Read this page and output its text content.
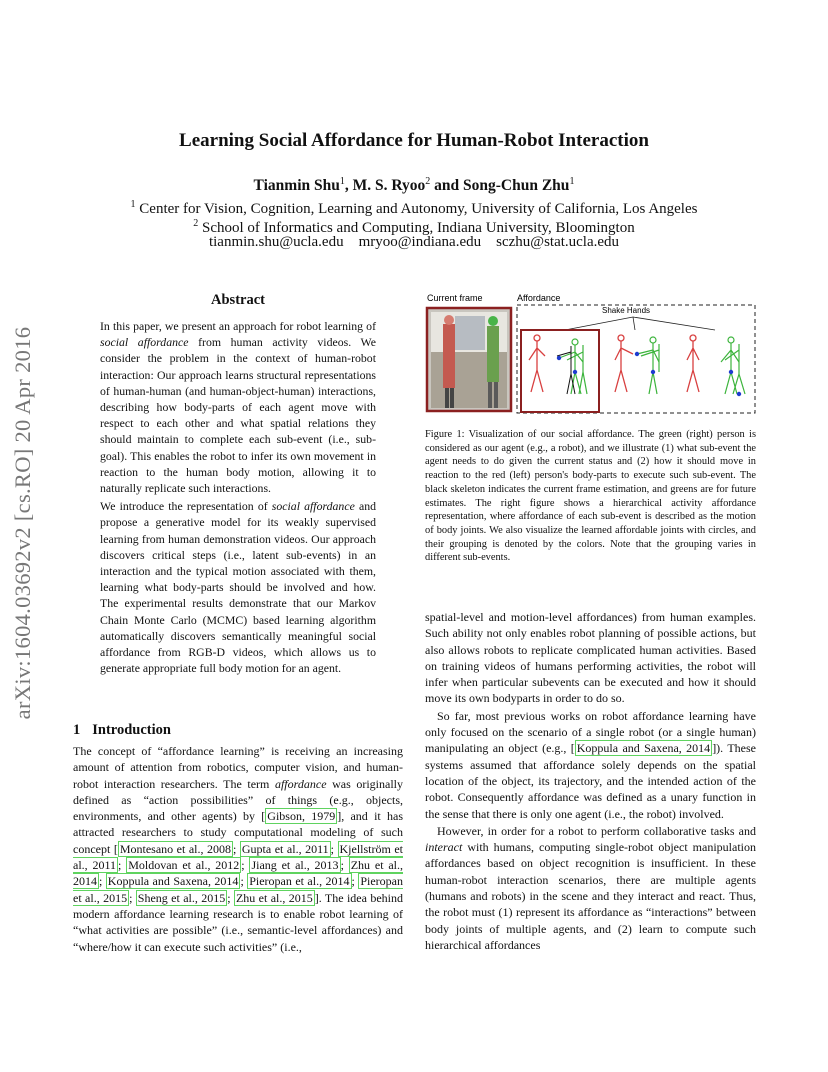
arXiv:1604.03692v2 [cs.RO] 20 Apr 2016
Learning Social Affordance for Human-Robot Interaction
Tianmin Shu$^1$, M. S. Ryoo$^2$ and Song-Chun Zhu$^1$
$^1$ Center for Vision, Cognition, Learning and Autonomy, University of California, Los Angeles
$^2$ School of Informatics and Computing, Indiana University, Bloomington
tianmin.shu@ucla.edu    mryoo@indiana.edu    sczhu@stat.ucla.edu
Abstract

In this paper, we present an approach for robot learning of social affordance from human activity videos. We consider the problem in the context of human-robot interaction: Our approach learns structural representations of human-human (and human-object-human) interactions, describing how body-parts of each agent move with respect to each other and what spatial relations they should maintain to complete each sub-event (i.e., sub-goal). This enables the robot to infer its own movement in reaction to the human body motion, allowing it to naturally replicate such interactions.

We introduce the representation of social affordance and propose a generative model for its weakly supervised learning from human demonstration videos. Our approach discovers critical steps (i.e., latent sub-events) in an interaction and the typical motion associated with them, learning what body-parts should be involved and how. The experimental results demonstrate that our Markov Chain Monte Carlo (MCMC) based learning algorithm automatically discovers semantically meaningful social affordance from RGB-D videos, which allows us to generate appropriate full body motion for an agent.

Current frame	Affordance
Shake Hands
Figure 1: Visualization of our social affordance. The green (right) person is considered as our agent (e.g., a robot), and we illustrate (1) what sub-event the agent needs to do given the current status and (2) how it should move in reaction to the red (left) person's body-parts to execute such sub-event. The black skeleton indicates the current frame estimation, and greens are for future estimates. The right figure shows a hierarchical activity affordance representation, where affordance of each sub-event is described as the motion of body joints. We also visualize the learned affordable joints with circles, and their grouping is denoted by the colors. Note that the grouping varies in different sub-events.
1 Introduction

The concept of “affordance learning” is receiving an increasing amount of attention from robotics, computer vision, and human-robot interaction researchers. The term affordance was originally defined as “action possibilities” of things (e.g., objects, environments, and other agents) by [ Gibson, 1979 ], and it has attracted researchers to study computational modeling of such concept [ Montesano et al., 2008 ; Gupta et al., 2011 ; Kjellström et al., 2011 ; Moldovan et al., 2012 ; Jiang et al., 2013 ; Zhu et al., 2014 ; Koppula and Saxena, 2014 ; Pieropan et al., 2014 ; Pieropan et al., 2015 ; Sheng et al., 2015 ; Zhu et al., 2015 ]. The idea behind modern affordance learning research is to enable robot learning of “what activities are possible” (i.e., semantic-level affordances) and “where/how it can execute such activities” (i.e.,

spatial-level and motion-level affordances) from human examples. Such ability not only enables robot planning of possible actions, but also allows robots to replicate complicated human activities. Based on training videos of humans performing activities, the robot will infer when particular subevents can be executed and how it should move its own bodyparts in order to do so.

So far, most previous works on robot affordance learning have only focused on the scenario of a single robot (or a single human) manipulating an object (e.g., [ Koppula and Saxena, 2014 ]). These systems assumed that affordance solely depends on the spatial location of the object, its trajectory, and the intended action of the robot. Consequently affordance was defined as a unary function in the sense that there is only one agent (i.e., the robot) involved.

However, in order for a robot to perform collaborative tasks and interact with humans, computing single-robot object manipulation affordances based on object recognition is insufficient. In these human-robot interaction scenarios, there are multiple agents (humans and robots) in the scene and they interact and react. Thus, the robot must (1) represent its affordance as “interactions” between body joints of multiple agents, and (2) learn to compute such hierarchical affordances
